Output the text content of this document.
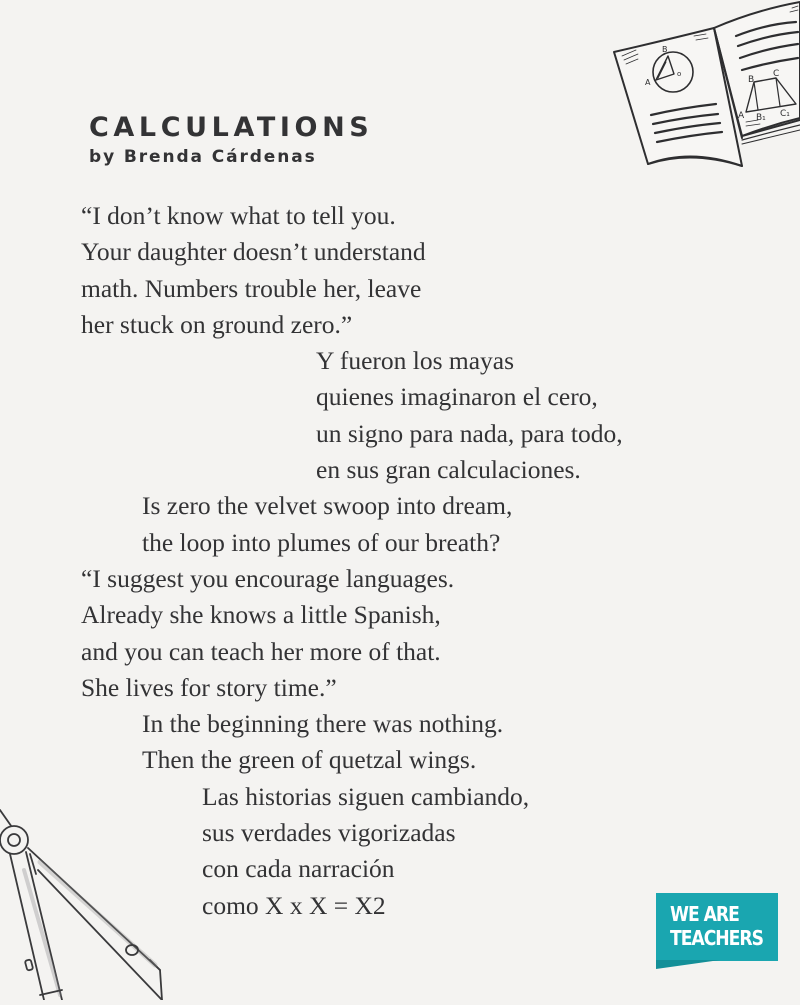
CALCULATIONS
by Brenda Cárdenas
“I don’t know what to tell you.
Your daughter doesn’t understand
math. Numbers trouble her, leave
her stuck on ground zero.”
Y fueron los mayas
quienes imaginaron el cero,
un signo para nada, para todo,
en sus gran calculaciones.
Is zero the velvet swoop into dream,
the loop into plumes of our breath?
“I suggest you encourage languages.
Already she knows a little Spanish,
and you can teach her more of that.
She lives for story time.”
In the beginning there was nothing.
Then the green of quetzal wings.
Las historias siguen cambiando,
sus verdades vigorizadas
con cada narración
como X x X = X2
B
A
o
B
C
A B₁ C₁
WE ARE
TEACHERS
